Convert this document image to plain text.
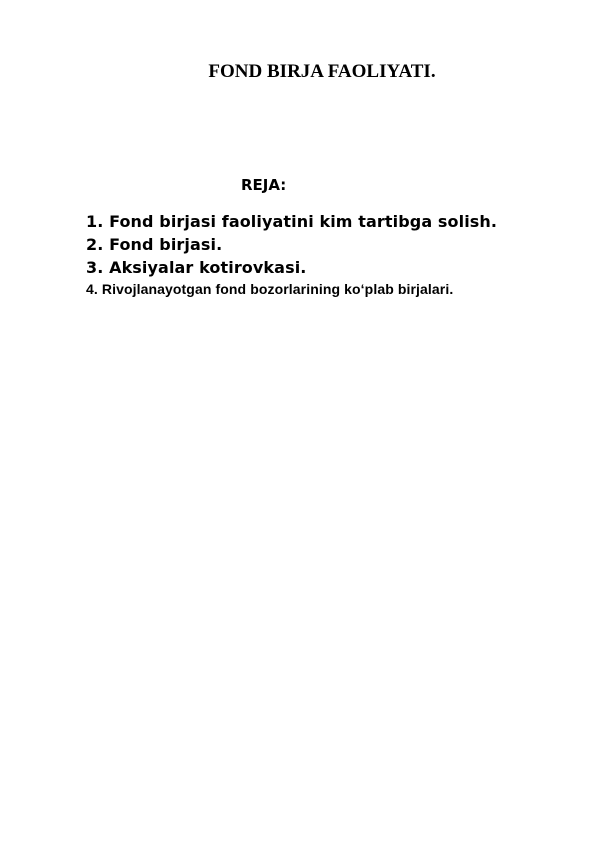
FOND BIRJA FAOLIYATI.
REJA:
1. Fond birjasi faoliyatini kim tartibga solish.
2. Fond birjasi.
3. Aksiyalar kotirovkasi.
4. Rivojlanayotgan fond bozorlarining ko‘plab birjalari.
